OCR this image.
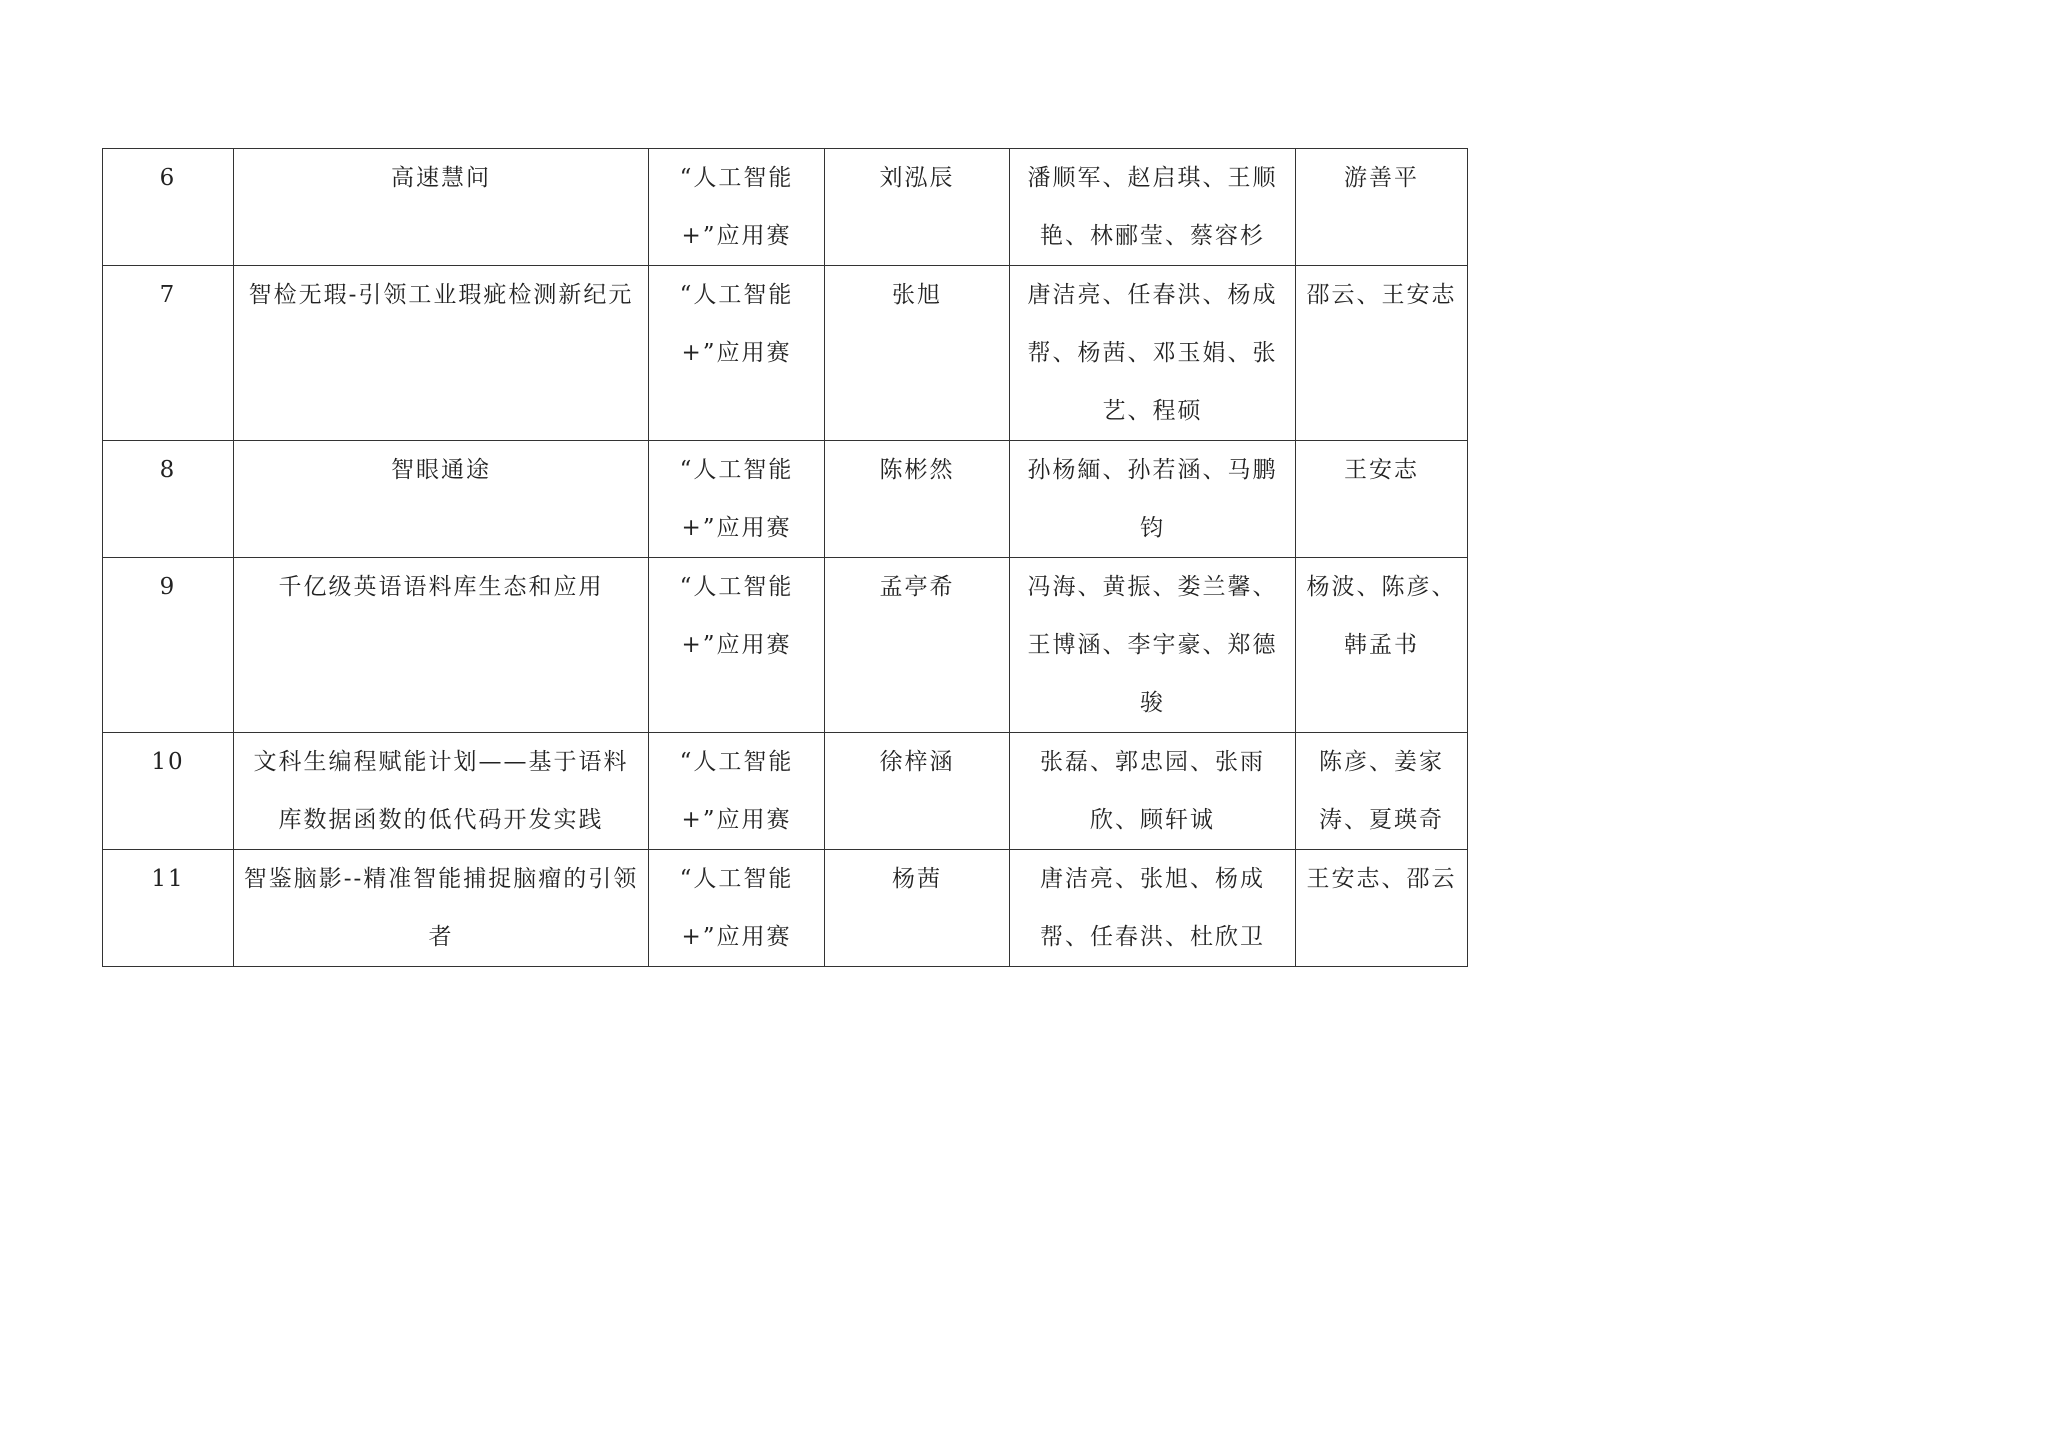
6	高速慧问	“人工智能+”应用赛	刘泓辰	潘顺军、赵启琪、王顺艳、林郦莹、蔡容杉	游善平
7	智检无瑕-引领工业瑕疵检测新纪元	“人工智能+”应用赛	张旭	唐洁亮、任春洪、杨成帮、杨茜、邓玉娟、张艺、程硕	邵云、王安志
8	智眼通途	“人工智能+”应用赛	陈彬然	孙杨緬、孙若涵、马鹏钧	王安志
9	千亿级英语语料库生态和应用	“人工智能+”应用赛	孟亭希	冯海、黄振、娄兰馨、王博涵、李宇豪、郑德骏	杨波、陈彦、韩孟书
10	文科生编程赋能计划——基于语料库数据函数的低代码开发实践	“人工智能+”应用赛	徐梓涵	张磊、郭忠园、张雨欣、顾轩诚	陈彦、姜家涛、夏瑛奇
11	智鉴脑影--精准智能捕捉脑瘤的引领者	“人工智能+”应用赛	杨茜	唐洁亮、张旭、杨成帮、任春洪、杜欣卫	王安志、邵云
